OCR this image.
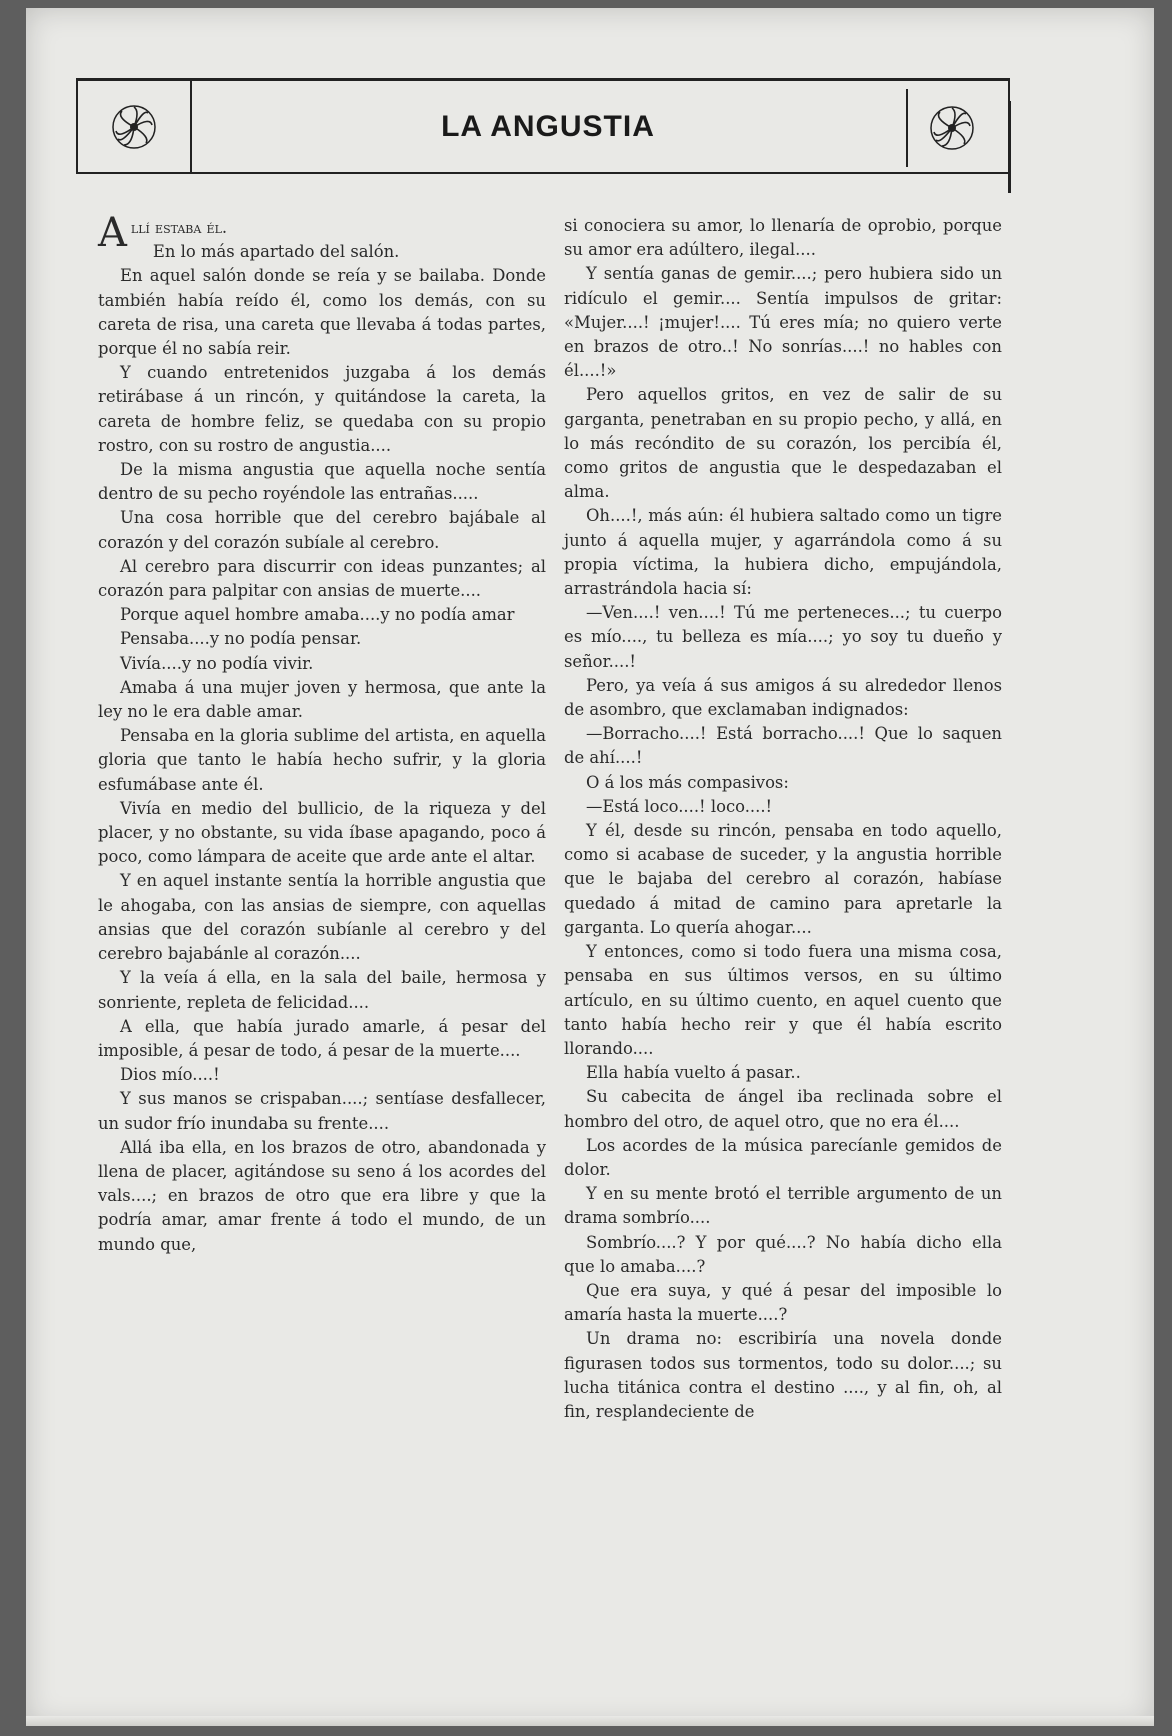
LA ANGUSTIA

Allí estaba él.

En lo más apartado del salón.

En aquel salón donde se reía y se bailaba. Donde también había reído él, como los demás, con su careta de risa, una careta que llevaba á todas partes, porque él no sabía reir.

Y cuando entretenidos juzgaba á los demás retirábase á un rincón, y quitándose la careta, la careta de hombre feliz, se quedaba con su propio rostro, con su rostro de angustia....

De la misma angustia que aquella noche sentía dentro de su pecho royéndole las entrañas.....

Una cosa horrible que del cerebro bajábale al corazón y del corazón subíale al cerebro.

Al cerebro para discurrir con ideas punzantes; al corazón para palpitar con ansias de muerte....

Porque aquel hombre amaba....y no podía amar

Pensaba....y no podía pensar.

Vivía....y no podía vivir.

Amaba á una mujer joven y hermosa, que ante la ley no le era dable amar.

Pensaba en la gloria sublime del artista, en aquella gloria que tanto le había hecho sufrir, y la gloria esfumábase ante él.

Vivía en medio del bullicio, de la riqueza y del placer, y no obstante, su vida íbase apagando, poco á poco, como lámpara de aceite que arde ante el altar.

Y en aquel instante sentía la horrible angustia que le ahogaba, con las ansias de siempre, con aquellas ansias que del corazón subíanle al cerebro y del cerebro bajabánle al corazón....

Y la veía á ella, en la sala del baile, hermosa y sonriente, repleta de felicidad....

A ella, que había jurado amarle, á pesar del imposible, á pesar de todo, á pesar de la muerte....

Dios mío....!

Y sus manos se crispaban....; sentíase desfallecer, un sudor frío inundaba su frente....

Allá iba ella, en los brazos de otro, abandonada y llena de placer, agitándose su seno á los acordes del vals....; en brazos de otro que era libre y que la podría amar, amar frente á todo el mundo, de un mundo que,

si conociera su amor, lo llenaría de oprobio, porque su amor era adúltero, ilegal....

Y sentía ganas de gemir....; pero hubiera sido un ridículo el gemir.... Sentía impulsos de gritar: «Mujer....! ¡mujer!.... Tú eres mía; no quiero verte en brazos de otro..! No sonrías....! no hables con él....!»

Pero aquellos gritos, en vez de salir de su garganta, penetraban en su propio pecho, y allá, en lo más recóndito de su corazón, los percibía él, como gritos de angustia que le despedazaban el alma.

Oh....!, más aún: él hubiera saltado como un tigre junto á aquella mujer, y agarrándola como á su propia víctima, la hubiera dicho, empujándola, arrastrándola hacia sí:

—Ven....! ven....! Tú me perteneces...; tu cuerpo es mío...., tu belleza es mía....; yo soy tu dueño y señor....!

Pero, ya veía á sus amigos á su alrededor llenos de asombro, que exclamaban indignados:

—Borracho....! Está borracho....! Que lo saquen de ahí....!

O á los más compasivos:

—Está loco....! loco....!

Y él, desde su rincón, pensaba en todo aquello, como si acabase de suceder, y la angustia horrible que le bajaba del cerebro al corazón, habíase quedado á mitad de camino para apretarle la garganta. Lo quería ahogar....

Y entonces, como si todo fuera una misma cosa, pensaba en sus últimos versos, en su último artículo, en su último cuento, en aquel cuento que tanto había hecho reir y que él había escrito llorando....

Ella había vuelto á pasar..

Su cabecita de ángel iba reclinada sobre el hombro del otro, de aquel otro, que no era él....

Los acordes de la música parecíanle gemidos de dolor.

Y en su mente brotó el terrible argumento de un drama sombrío....

Sombrío....? Y por qué....? No había dicho ella que lo amaba....?

Que era suya, y qué á pesar del imposible lo amaría hasta la muerte....?

Un drama no: escribiría una novela donde figurasen todos sus tormentos, todo su dolor....; su lucha titánica contra el destino ...., y al fin, oh, al fin, resplandeciente de
